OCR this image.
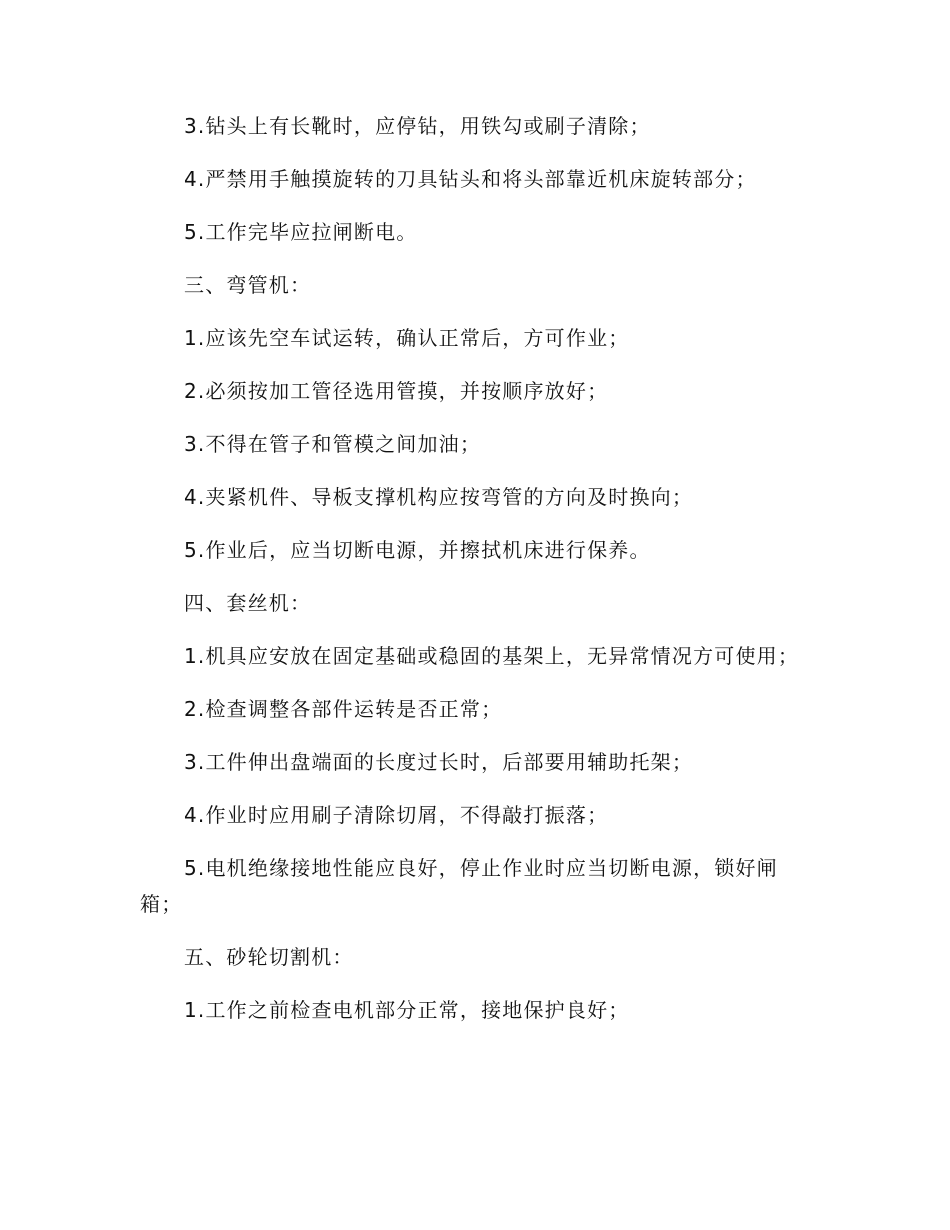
3.钻头上有长靴时，应停钻，用铁勾或刷子清除；

4.严禁用手触摸旋转的刀具钻头和将头部靠近机床旋转部分；

5.工作完毕应拉闸断电。

三、弯管机：

1.应该先空车试运转，确认正常后，方可作业；

2.必须按加工管径选用管摸，并按顺序放好；

3.不得在管子和管模之间加油；

4.夹紧机件、导板支撑机构应按弯管的方向及时换向；

5.作业后，应当切断电源，并擦拭机床进行保养。

四、套丝机：

1.机具应安放在固定基础或稳固的基架上，无异常情况方可使用；

2.检查调整各部件运转是否正常；

3.工件伸出盘端面的长度过长时，后部要用辅助托架；

4.作业时应用刷子清除切屑，不得敲打振落；

5.电机绝缘接地性能应良好，停止作业时应当切断电源，锁好闸箱；

五、砂轮切割机：

1.工作之前检查电机部分正常，接地保护良好；
